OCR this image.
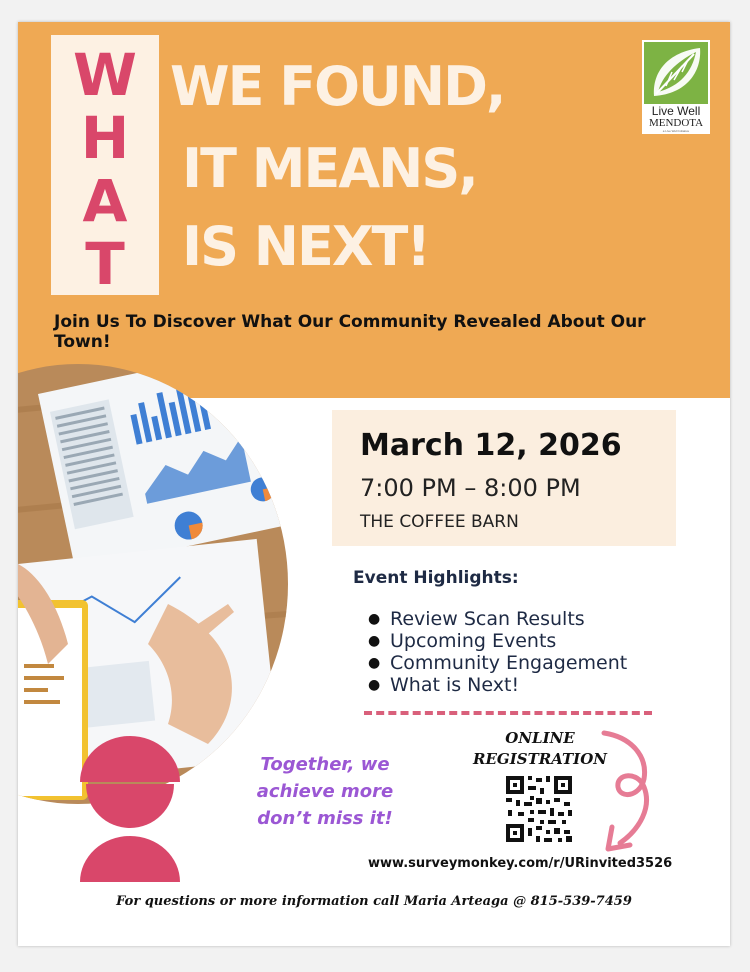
W
H
A
T
WE FOUND,
IT MEANS,
IS NEXT!
Live Well
MENDOTA
a Live Well Initiative
Join Us To Discover What Our Community Revealed About Our Town!
March 12, 2026
7:00 PM – 8:00 PM
THE COFFEE BARN
Event Highlights:
● Review Scan Results
● Upcoming Events
● Community Engagement
● What is Next!
Together, we
achieve more
don’t miss it!
ONLINE
REGISTRATION
www.surveymonkey.com/r/URinvited3526
For questions or more information call Maria Arteaga @ 815-539-7459
